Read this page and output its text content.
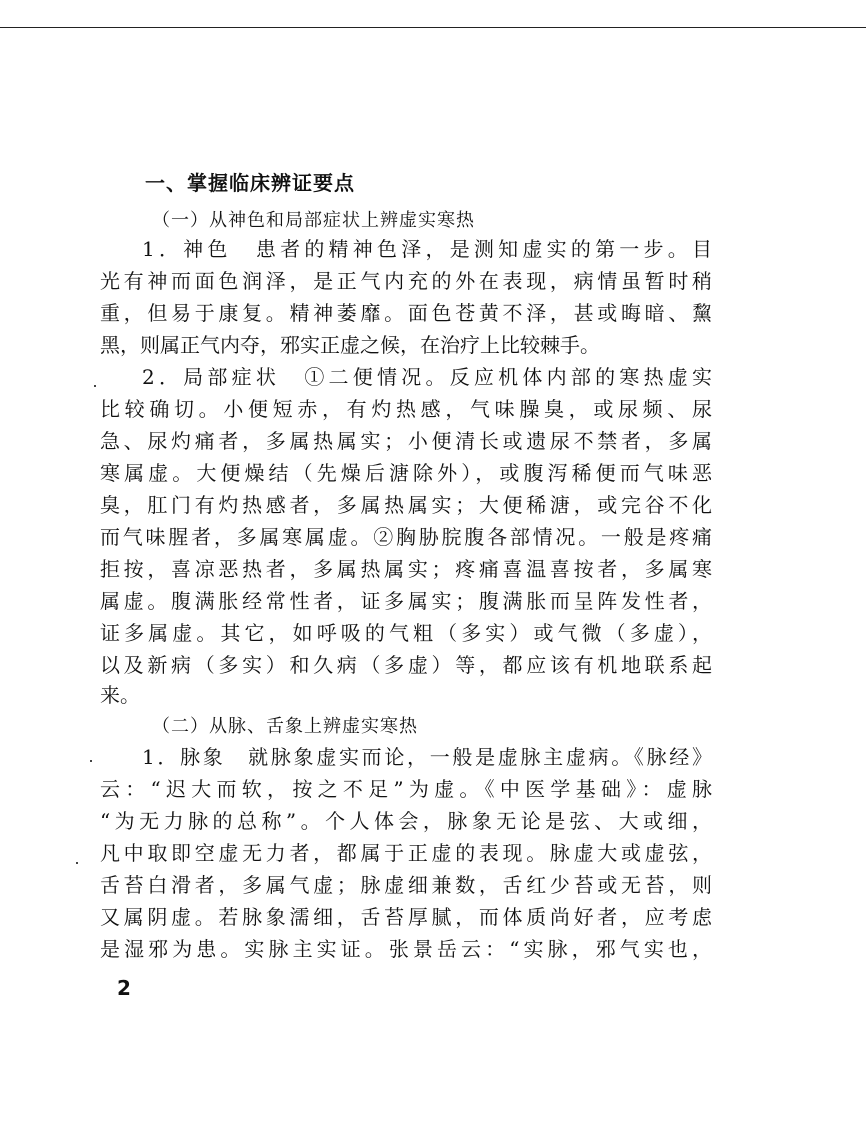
一、掌握临床辨证要点
（一）从神色和局部症状上辨虚实寒热
1．神色　患者的精神色泽，是测知虚实的第一步。目
光有神而面色润泽，是正气内充的外在表现，病情虽暂时稍
重，但易于康复。精神萎靡。面色苍黄不泽，甚或晦暗、黧
黑，则属正气内夺，邪实正虚之候，在治疗上比较棘手。
2．局部症状　①二便情况。反应机体内部的寒热虚实
比较确切。小便短赤，有灼热感，气味臊臭，或尿频、尿
急、尿灼痛者，多属热属实；小便清长或遗尿不禁者，多属
寒属虚。大便燥结（先燥后溏除外），或腹泻稀便而气味恶
臭，肛门有灼热感者，多属热属实；大便稀溏，或完谷不化
而气味腥者，多属寒属虚。②胸胁脘腹各部情况。一般是疼痛
拒按，喜凉恶热者，多属热属实；疼痛喜温喜按者，多属寒
属虚。腹满胀经常性者，证多属实；腹满胀而呈阵发性者，
证多属虚。其它，如呼吸的气粗（多实）或气微（多虚），
以及新病（多实）和久病（多虚）等，都应该有机地联系起
来。
（二）从脉、舌象上辨虚实寒热
1．脉象　就脉象虚实而论，一般是虚脉主虚病。《脉经》
云：“迟大而软，按之不足”为虚。《中医学基础》：虚脉
“为无力脉的总称”。个人体会，脉象无论是弦、大或细，
凡中取即空虚无力者，都属于正虚的表现。脉虚大或虚弦，
舌苔白滑者，多属气虚；脉虚细兼数，舌红少苔或无苔，则
又属阴虚。若脉象濡细，舌苔厚腻，而体质尚好者，应考虑
是湿邪为患。实脉主实证。张景岳云：“实脉，邪气实也，
2
